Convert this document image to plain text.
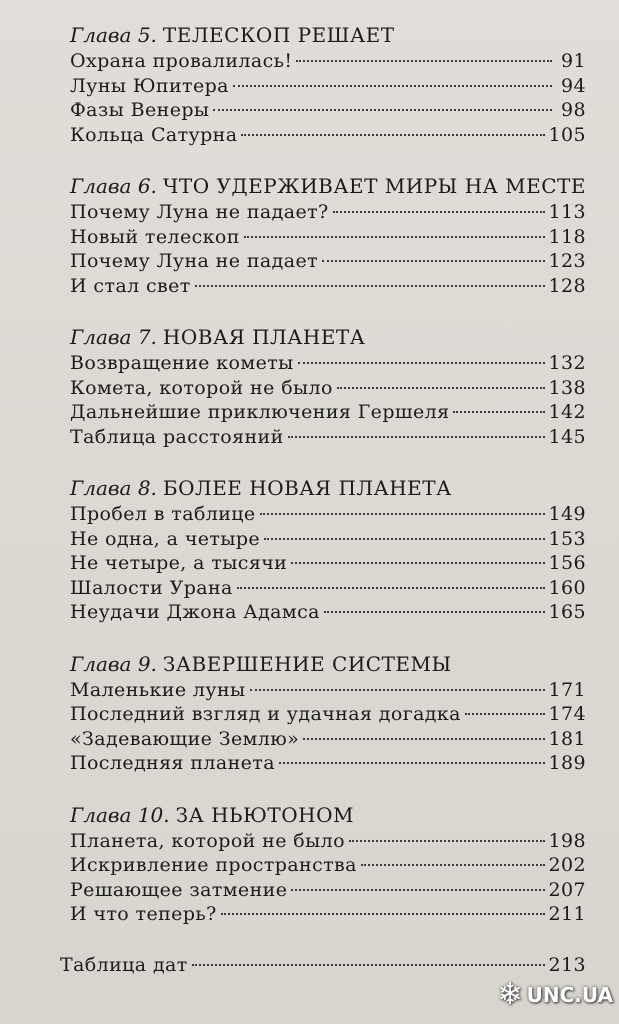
Глава 5. ТЕЛЕСКОП РЕШАЕТ
Охрана провалилась!	91
Луны Юпитера	94
Фазы Венеры	98
Кольца Сатурна	105
Глава 6. ЧТО УДЕРЖИВАЕТ МИРЫ НА МЕСТЕ
Почему Луна не падает?	113
Новый телескоп	118
Почему Луна не падает	123
И стал свет	128
Глава 7. НОВАЯ ПЛАНЕТА
Возвращение кометы	132
Комета, которой не было	138
Дальнейшие приключения Гершеля	142
Таблица расстояний	145
Глава 8. БОЛЕЕ НОВАЯ ПЛАНЕТА
Пробел в таблице	149
Не одна, а четыре	153
Не четыре, а тысячи	156
Шалости Урана	160
Неудачи Джона Адамса	165
Глава 9. ЗАВЕРШЕНИЕ СИСТЕМЫ
Маленькие луны	171
Последний взгляд и удачная догадка	174
«Задевающие Землю»	181
Последняя планета	189
Глава 10. ЗА НЬЮТОНОМ
Планета, которой не было	198
Искривление пространства	202
Решающее затмение	207
И что теперь?	211
Таблица дат	213
❄ UNC.UA
